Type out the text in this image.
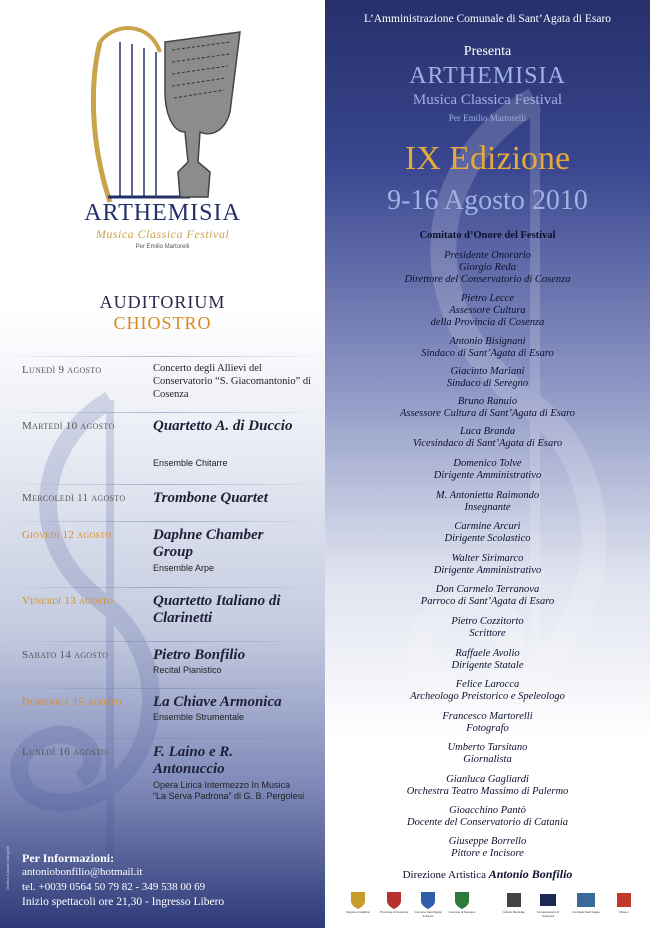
ARTHEMISIA
Musica Classica Festival
Per Emilio Martorelli
AUDITORIUM
CHIOSTRO
Lunedì 9 agosto	Concerto degli Allievi del Conservatorio “S. Giacomantonio” di Cosenza
Martedì 10 agosto	Quartetto A. di Duccio
Ensemble Chitarre
Mercoledì 11 agosto Trombone Quartet
Giovedì 12 agosto	Daphne Chamber Group
Ensemble Arpe
Venerdì 13 agosto	Quartetto Italiano di Clarinetti
Sabato 14 agosto	Pietro Bonfilio
Recital Pianistico
Domenica 15 agosto La Chiave Armonica
Ensemble Strumentale
Lunedì 16 agosto	F. Laino e R. Antonuccio
Opera Lirica Intermezzo In Musica
“La Serva Padrona” di G. B. Pergolesi
Per Informazioni:
antoniobonfilio@hotmail.it
tel. +0039 0564 50 79 82 - 349 538 00 69
Inizio spettacoli ore 21,30 - Ingresso Libero
Grafica Claudio Margiotti
L’Amministrazione Comunale di Sant’Agata di Esaro
Presenta
ARTHEMISIA
Musica Classica Festival
Per Emilio Martorelli
IX Edizione
9-16 Agosto 2010
Comitato d’Onore del Festival
Presidente Onorario
Giorgio Reda
Direttore del Conservatorio di Cosenza
Pietro Lecce
Assessore Cultura
della Provincia di Cosenza
Antonio Bisignani
Sindaco di Sant’Agata di Esaro
Giacinto Mariani
Sindaco di Seregno
Bruno Ranuio
Assessore Cultura di Sant’Agata di Esaro
Luca Branda
Vicesindaco di Sant’Agata di Esaro
Domenico Tolve
Dirigente Amministrativo
M. Antonietta Raimondo
Insegnante
Carmine Arcuri
Dirigente Scolastico
Walter Sirimarco
Dirigente Amministrativo
Don Carmelo Terranova
Parroco di Sant’Agata di Esaro
Pietro Cozzitorto
Scrittore
Raffaele Avolio
Dirigente Statale
Felice Larocca
Archeologo Preistorico e Speleologo
Francesco Martorelli
Fotografo
Umberto Tarsitano
Giornalista
Gianluca Gagliardi
Orchestra Teatro Massimo di Palermo
Gioacchino Pantò
Docente del Conservatorio di Catania
Giuseppe Borrello
Pittore e Incisore
Direzione Artistica Antonio Bonfilio
Regione Calabria	Provincia di Cosenza	Comune Sant’Agata di Esaro
Comune di Seregno	Istituto Musicale	Conservatorio di Cosenza
Comitato Sant’Agata	Museo
